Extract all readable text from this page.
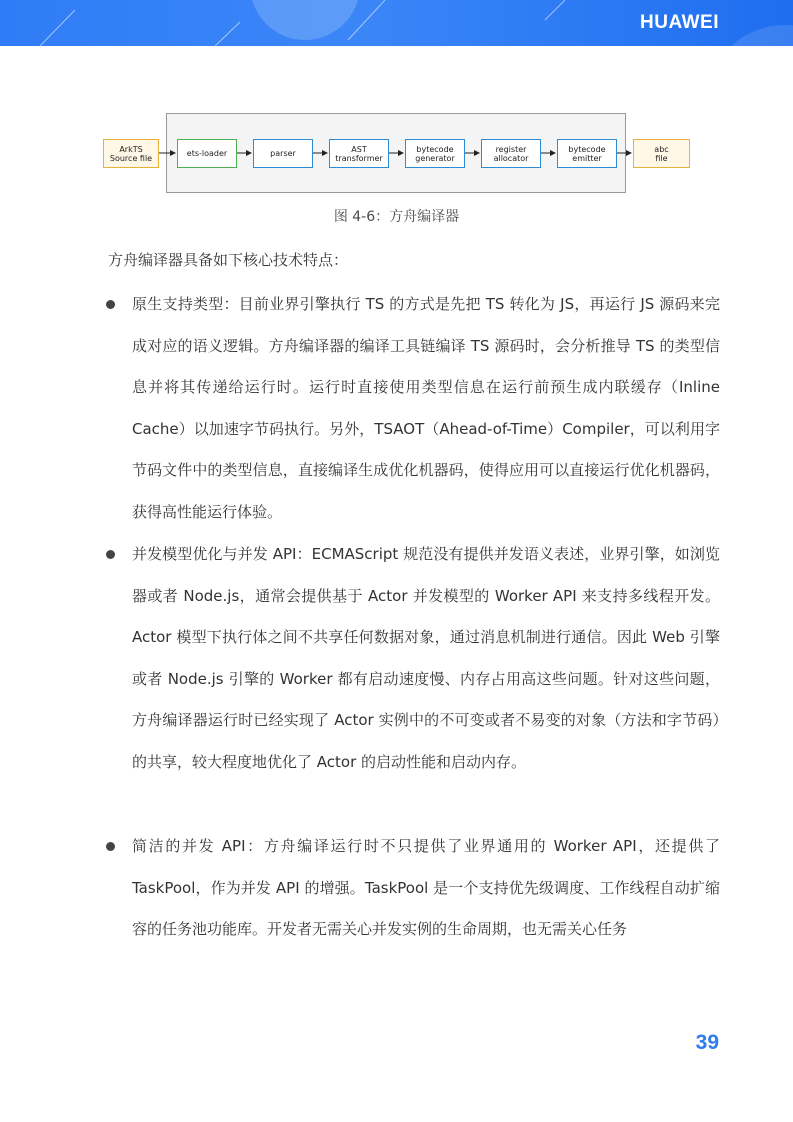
HUAWEI
ArkTS
Source file	ets-loader	parser	AST
transformer
bytecode
generator
register
allocator
bytecode
emitter
abc
file
图 4-6：方舟编译器
方舟编译器具备如下核心技术特点：
原生支持类型：目前业界引擎执行 TS 的方式是先把 TS 转化为 JS，再运行 JS 源码来完成对应的语义逻辑。方舟编译器的编译工具链编译 TS 源码时，会分析推导 TS 的类型信息并将其传递给运行时。运行时直接使用类型信息在运行前预生成内联缓存（Inline Cache）以加速字节码执行。另外，TSAOT（Ahead-of-Time）Compiler，可以利用字节码文件中的类型信息，直接编译生成优化机器码，使得应用可以直接运行优化机器码，获得高性能运行体验。
并发模型优化与并发 API：ECMAScript 规范没有提供并发语义表述，业界引擎，如浏览器或者 Node.js，通常会提供基于 Actor 并发模型的 Worker API 来支持多线程开发。Actor 模型下执行体之间不共享任何数据对象，通过消息机制进行通信。因此 Web 引擎或者 Node.js 引擎的 Worker 都有启动速度慢、内存占用高这些问题。针对这些问题，方舟编译器运行时已经实现了 Actor 实例中的不可变或者不易变的对象（方法和字节码）的共享，较大程度地优化了 Actor 的启动性能和启动内存。
简洁的并发 API：方舟编译运行时不只提供了业界通用的 Worker API，还提供了TaskPool，作为并发 API 的增强。TaskPool 是一个支持优先级调度、工作线程自动扩缩容的任务池功能库。开发者无需关心并发实例的生命周期，也无需关心任务
39
